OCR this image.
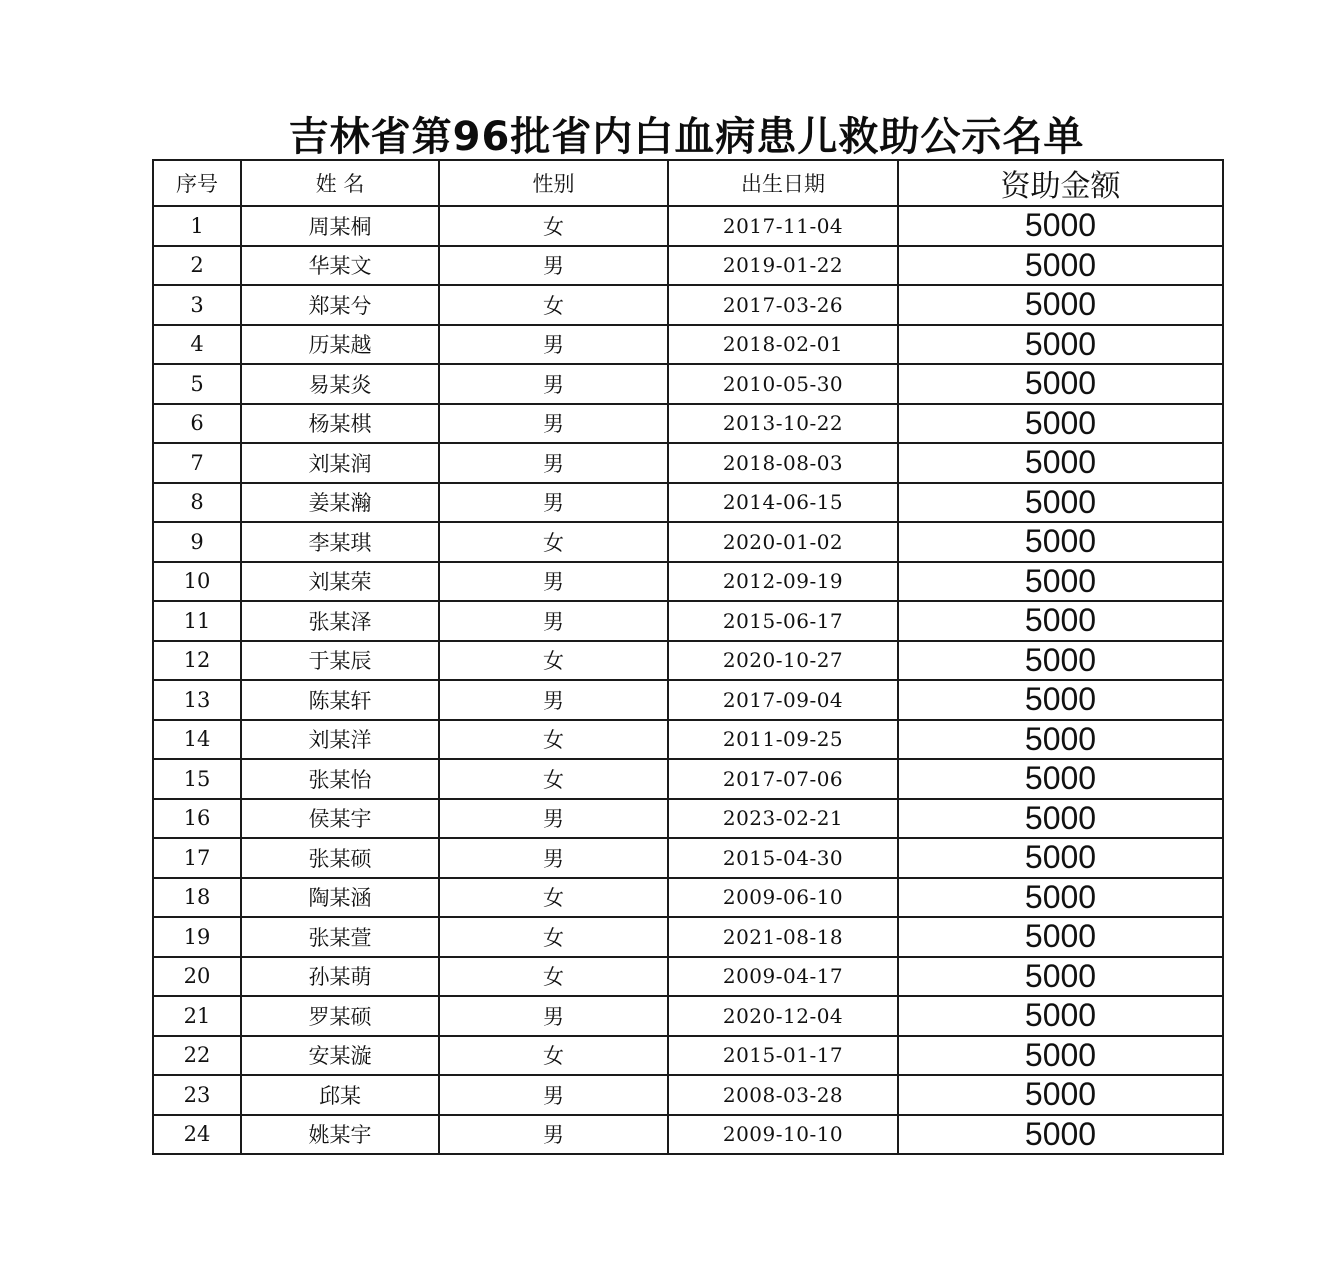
吉林省第96批省内白血病患儿救助公示名单
序号	姓 名	性别	出生日期	资助金额
1	周某桐	女	2017-11-04	5000
2	华某文	男	2019-01-22	5000
3	郑某兮	女	2017-03-26	5000
4	历某越	男	2018-02-01	5000
5	易某炎	男	2010-05-30	5000
6	杨某棋	男	2013-10-22	5000
7	刘某润	男	2018-08-03	5000
8	姜某瀚	男	2014-06-15	5000
9	李某琪	女	2020-01-02	5000
10	刘某荣	男	2012-09-19	5000
11	张某泽	男	2015-06-17	5000
12	于某辰	女	2020-10-27	5000
13	陈某轩	男	2017-09-04	5000
14	刘某洋	女	2011-09-25	5000
15	张某怡	女	2017-07-06	5000
16	侯某宇	男	2023-02-21	5000
17	张某硕	男	2015-04-30	5000
18	陶某涵	女	2009-06-10	5000
19	张某萱	女	2021-08-18	5000
20	孙某萌	女	2009-04-17	5000
21	罗某硕	男	2020-12-04	5000
22	安某漩	女	2015-01-17	5000
23	邱某	男	2008-03-28	5000
24	姚某宇	男	2009-10-10	5000
